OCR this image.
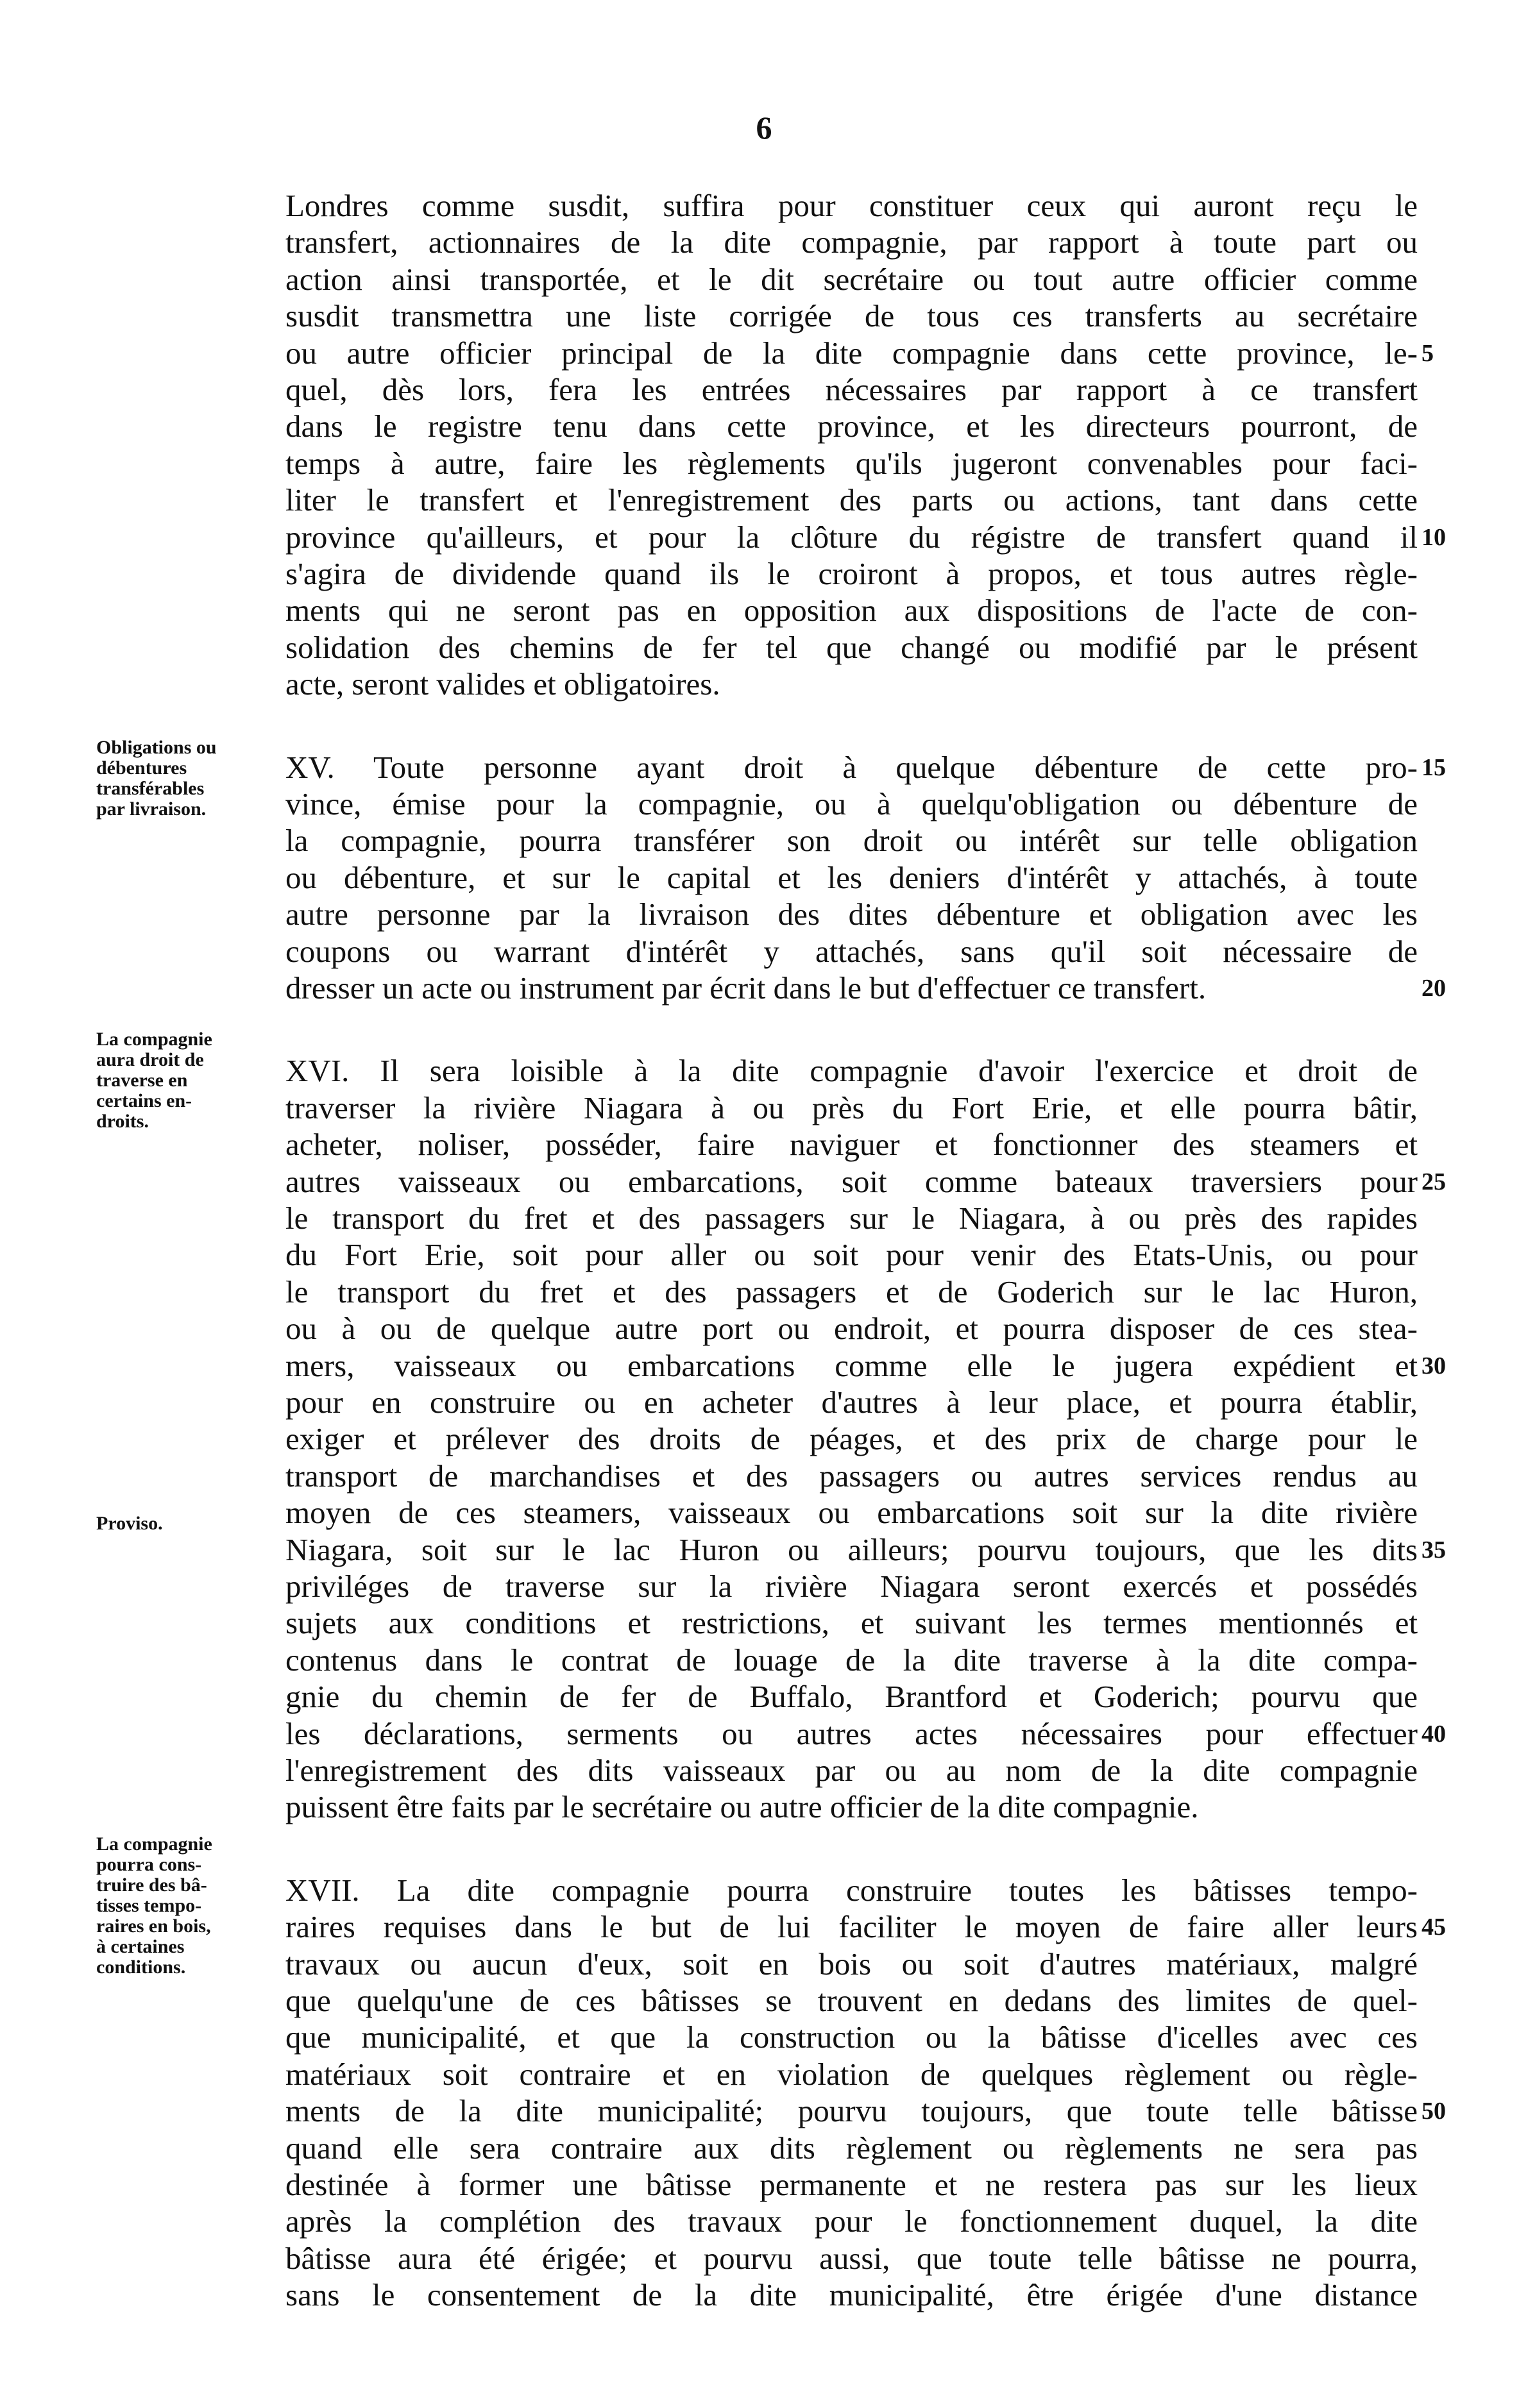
6

Londres comme susdit, suffira pour constituer ceux qui auront reçu le

transfert, actionnaires de la dite compagnie, par rapport à toute part ou

action ainsi transportée, et le dit secrétaire ou tout autre officier comme

susdit transmettra une liste corrigée de tous ces transferts au secrétaire

ou autre officier principal de la dite compagnie dans cette province, le-

quel, dès lors, fera les entrées nécessaires par rapport à ce transfert

dans le registre tenu dans cette province, et les directeurs pourront, de

temps à autre, faire les règlements qu'ils jugeront convenables pour faci-

liter le transfert et l'enregistrement des parts ou actions, tant dans cette

province qu'ailleurs, et pour la clôture du régistre de transfert quand il

s'agira de dividende quand ils le croiront à propos, et tous autres règle-

ments qui ne seront pas en opposition aux dispositions de l'acte de con-

solidation des chemins de fer tel que changé ou modifié par le présent

acte, seront valides et obligatoires.

XV. Toute personne ayant droit à quelque débenture de cette pro-

vince, émise pour la compagnie, ou à quelqu'obligation ou débenture de

la compagnie, pourra transférer son droit ou intérêt sur telle obligation

ou débenture, et sur le capital et les deniers d'intérêt y attachés, à toute

autre personne par la livraison des dites débenture et obligation avec les

coupons ou warrant d'intérêt y attachés, sans qu'il soit nécessaire de

dresser un acte ou instrument par écrit dans le but d'effectuer ce transfert.

XVI. Il sera loisible à la dite compagnie d'avoir l'exercice et droit de

traverser la rivière Niagara à ou près du Fort Erie, et elle pourra bâtir,

acheter, noliser, posséder, faire naviguer et fonctionner des steamers et

autres vaisseaux ou embarcations, soit comme bateaux traversiers pour

le transport du fret et des passagers sur le Niagara, à ou près des rapides

du Fort Erie, soit pour aller ou soit pour venir des Etats-Unis, ou pour

le transport du fret et des passagers et de Goderich sur le lac Huron,

ou à ou de quelque autre port ou endroit, et pourra disposer de ces stea-

mers, vaisseaux ou embarcations comme elle le jugera expédient et

pour en construire ou en acheter d'autres à leur place, et pourra établir,

exiger et prélever des droits de péages, et des prix de charge pour le

transport de marchandises et des passagers ou autres services rendus au

moyen de ces steamers, vaisseaux ou embarcations soit sur la dite rivière

Niagara, soit sur le lac Huron ou ailleurs; pourvu toujours, que les dits

priviléges de traverse sur la rivière Niagara seront exercés et possédés

sujets aux conditions et restrictions, et suivant les termes mentionnés et

contenus dans le contrat de louage de la dite traverse à la dite compa-

gnie du chemin de fer de Buffalo, Brantford et Goderich; pourvu que

les déclarations, serments ou autres actes nécessaires pour effectuer

l'enregistrement des dits vaisseaux par ou au nom de la dite compagnie

puissent être faits par le secrétaire ou autre officier de la dite compagnie.

XVII. La dite compagnie pourra construire toutes les bâtisses tempo-

raires requises dans le but de lui faciliter le moyen de faire aller leurs

travaux ou aucun d'eux, soit en bois ou soit d'autres matériaux, malgré

que quelqu'une de ces bâtisses se trouvent en dedans des limites de quel-

que municipalité, et que la construction ou la bâtisse d'icelles avec ces

matériaux soit contraire et en violation de quelques règlement ou règle-

ments de la dite municipalité; pourvu toujours, que toute telle bâtisse

quand elle sera contraire aux dits règlement ou règlements ne sera pas

destinée à former une bâtisse permanente et ne restera pas sur les lieux

après la complétion des travaux pour le fonctionnement duquel, la dite

bâtisse aura été érigée; et pourvu aussi, que toute telle bâtisse ne pourra,

sans le consentement de la dite municipalité, être érigée d'une distance

5
10
15
20
25
30
35
40
45
50
Obligations ou
débentures
transférables
par livraison.
La compagnie
aura droit de
traverse en
certains en-
droits.
Proviso.
La compagnie
pourra cons-
truire des bâ-
tisses tempo-
raires en bois,
à certaines
conditions.
